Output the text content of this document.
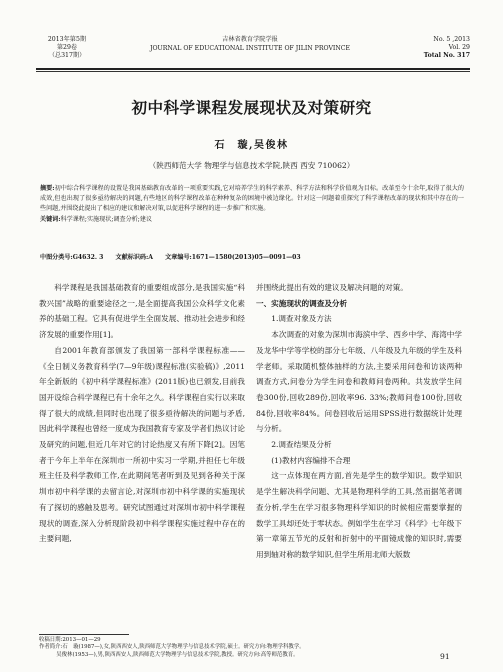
2013年第5期
第29卷
（总317期）
吉林省教育学院学报
JOURNAL OF EDUCATIONAL INSTITUTE OF JILIN PROVINCE
No. 5 ,2013
Vol. 29
Total No. 317
初中科学课程发展现状及对策研究
石　璇,吴俊林
（陕西师范大学 物理学与信息技术学院,陕西 西安 710062）
摘要:初中综合科学课程的设置是我国基础教育改革的一项重要实践,它对培养学生的科学素养、科学方法和科学价值观为目标。改革至今十余年,取得了很大的成效,但也出现了很多亟待解决的问题,有些地区的科学课程改革在种种复杂的困境中被边缘化。针对这一问题着重探究了科学课程改革的现状和其中存在的一些问题,并围绕此提出了相应的建议和解决对策,以促进科学课程的进一步推广和实施。
关键词:科学课程;实施现状;调查分析;建议
中图分类号:G4632. 3　　文献标识码:A　　文章编号:1671—1580(2013)05—0091—03

科学课程是我国基础教育的重要组成部分,是我国实施“科教兴国”战略的重要途径之一,是全面提高我国公众科学文化素养的基础工程。它具有促进学生全面发展、推动社会进步和经济发展的重要作用[1]。

自2001年教育部颁发了我国第一部科学课程标准——《全日制义务教育科学(7—9年级)课程标准(实验稿)》,2011年全新版的《初中科学课程标准》(2011版)也已颁发,目前我国开设综合科学课程已有十余年之久。科学课程自实行以来取得了很大的成绩,但同时也出现了很多亟待解决的问题与矛盾,因此科学课程也曾经一度成为我国教育专家及学者们热议讨论及研究的问题,但近几年对它的讨论热度又有所下降[2]。因笔者于今年上半年在深圳市一所初中实习一学期,并担任七年级班主任及科学教师工作,在此期间笔者听到及见到各种关于深圳市初中科学课的去留言论,对深圳市初中科学课的实施现状有了探切的感触及思考。研究试图通过对深圳市初中科学课程现状的调查,深入分析现阶段初中科学课程实施过程中存在的主要问题,

并围绕此提出有效的建议及解决问题的对策。

一、实施现状的调查及分析

1.调查对象及方法

本次调查的对象为深圳市海滨中学、西乡中学、海湾中学及龙华中学等学校的部分七年级、八年级及九年级的学生及科学老师。采取随机整体抽样的方法,主要采用问卷和访谈两种调查方式,问卷分为学生问卷和教师问卷两种。共发放学生问卷300份,回收289份,回收率96. 33%;教师问卷100份,回收84份,回收率84%。问卷回收后运用SPSS进行数据统计处理与分析。

2.调查结果及分析

(1)教材内容编排不合理

这一点体现在两方面,首先是学生的数学知识。数学知识是学生解决科学问题、尤其是物理科学的工具,然而据笔者调查分析,学生在学习很多物理科学知识的时候相应需要掌握的数学工具却还处于零状态。例如学生在学习《科学》七年级下第一章第五节光的反射和折射中的平面镜成像的知识时,需要用到轴对称的数学知识,但学生所用北师大版数

收稿日期:2013—01—29
作者简介:石　璇(1987—),女,陕西西安人,陕西师范大学物理学与信息技术学院,硕士。研究方向:物理学科教学。
吴俊林(1953—),男,陕西西安人,陕西师范大学物理学与信息技术学院,教授。研究方向:高等师范教育。	91
